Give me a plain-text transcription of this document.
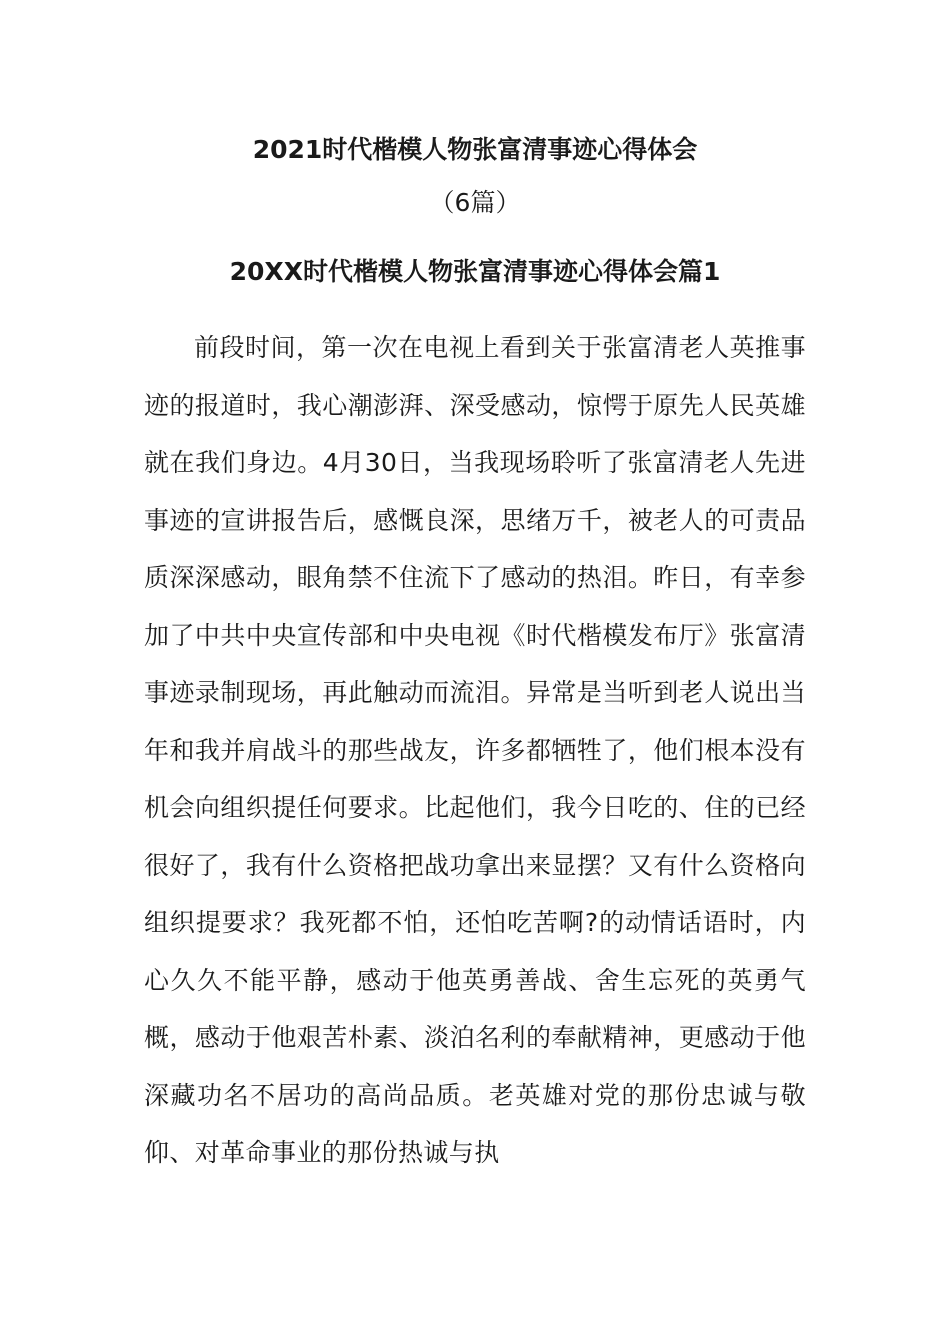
2021时代楷模人物张富清事迹心得体会
（6篇）
20XX时代楷模人物张富清事迹心得体会篇1

前段时间，第一次在电视上看到关于张富清老人英推事迹的报道时，我心潮澎湃、深受感动，惊愕于原先人民英雄就在我们身边。4月30日，当我现场聆听了张富清老人先进事迹的宣讲报告后，感慨良深，思绪万千，被老人的可责品质深深感动，眼角禁不住流下了感动的热泪。昨日，有幸参加了中共中央宣传部和中央电视《时代楷模发布厅》张富清事迹录制现场，再此触动而流泪。异常是当听到老人说出当年和我并肩战斗的那些战友，许多都牺牲了，他们根本没有机会向组织提任何要求。比起他们，我今日吃的、住的已经很好了，我有什么资格把战功拿出来显摆？又有什么资格向组织提要求？我死都不怕，还怕吃苦啊?的动情话语时，内心久久不能平静，感动于他英勇善战、舍生忘死的英勇气概，感动于他艰苦朴素、淡泊名利的奉献精神，更感动于他深藏功名不居功的高尚品质。老英雄对党的那份忠诚与敬仰、对革命事业的那份热诚与执
